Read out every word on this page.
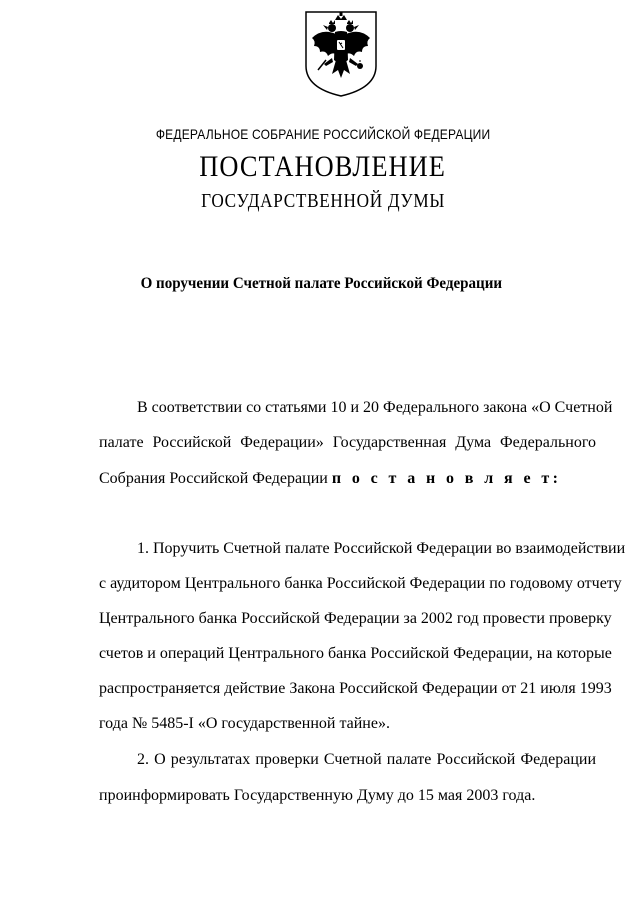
ФЕДЕРАЛЬНОЕ СОБРАНИЕ РОССИЙСКОЙ ФЕДЕРАЦИИ
ПОСТАНОВЛЕНИЕ
ГОСУДАРСТВЕННОЙ ДУМЫ
О поручении Счетной палате Российской Федерации
В соответствии со статьями 10 и 20 Федерального закона «О Счетной
палате Российской Федерации» Государственная Дума Федерального
Собрания Российской Федерации п о с т а н о в л я е т:
1. Поручить Счетной палате Российской Федерации во взаимодействии
с аудитором Центрального банка Российской Федерации по годовому отчету
Центрального банка Российской Федерации за 2002 год провести проверку
счетов и операций Центрального банка Российской Федерации, на которые
распространяется действие Закона Российской Федерации от 21 июля 1993
года № 5485-I «О государственной тайне».
2. О результатах проверки Счетной палате Российской Федерации
проинформировать Государственную Думу до 15 мая 2003 года.
